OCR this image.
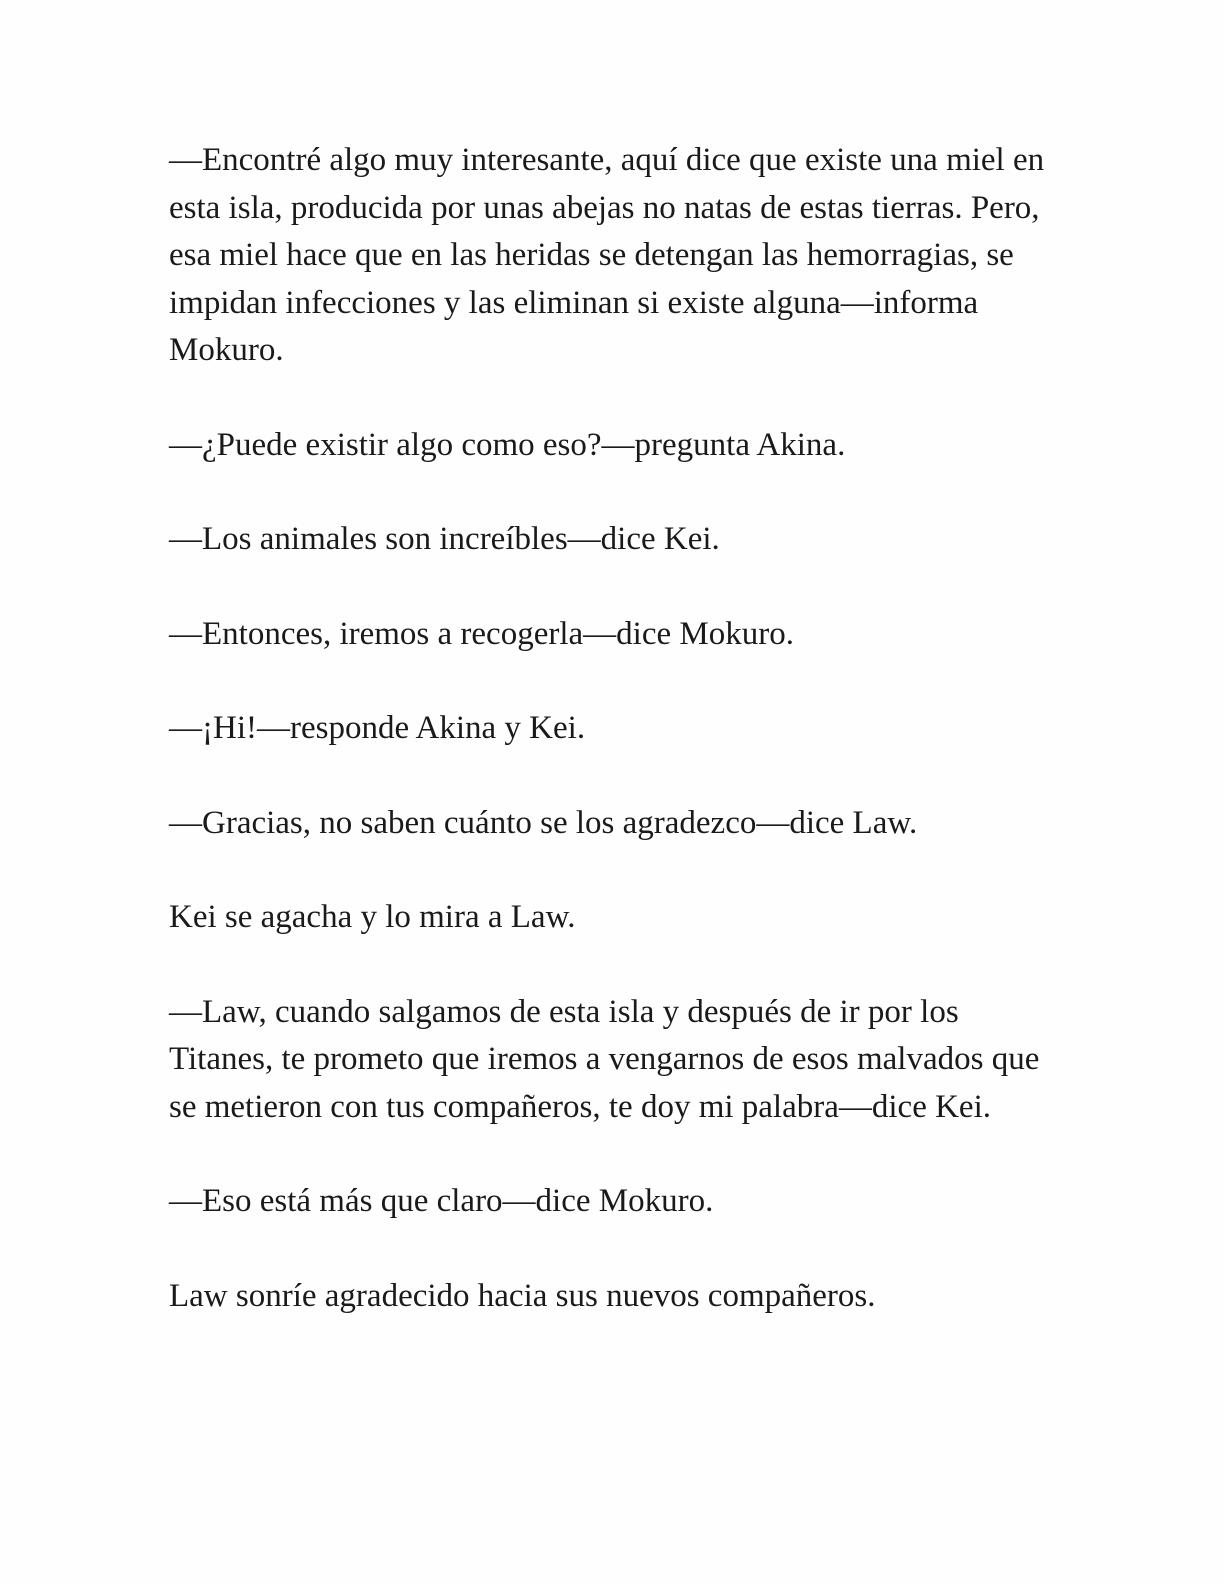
—Encontré algo muy interesante, aquí dice que existe una miel en esta isla, producida por unas abejas no natas de estas tierras. Pero, esa miel hace que en las heridas se detengan las hemorragias, se impidan infecciones y las eliminan si existe alguna—informa Mokuro.

—¿Puede existir algo como eso?—pregunta Akina.

—Los animales son increíbles—dice Kei.

—Entonces, iremos a recogerla—dice Mokuro.

—¡Hi!—responde Akina y Kei.

—Gracias, no saben cuánto se los agradezco—dice Law.

Kei se agacha y lo mira a Law.

—Law, cuando salgamos de esta isla y después de ir por los Titanes, te prometo que iremos a vengarnos de esos malvados que se metieron con tus compañeros, te doy mi palabra—dice Kei.

—Eso está más que claro—dice Mokuro.

Law sonríe agradecido hacia sus nuevos compañeros.
